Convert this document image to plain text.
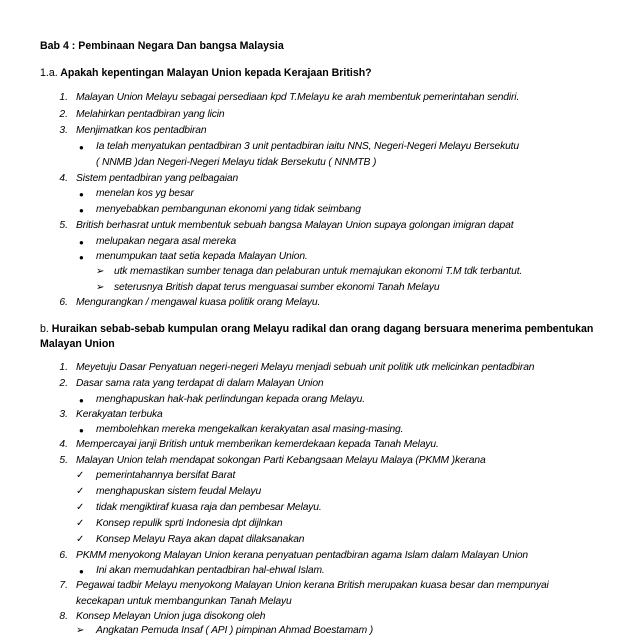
Bab 4 : Pembinaan Negara Dan bangsa Malaysia
1.a. Apakah kepentingan Malayan Union kepada Kerajaan British?
1. Malayan Union Melayu sebagai persediaan kpd T.Melayu ke arah membentuk pemerintahan sendiri.
2. Melahirkan pentadbiran yang licin
3. Menjimatkan kos pentadbiran
● Ia telah menyatukan pentadbiran 3 unit pentadbiran iaitu NNS, Negeri-Negeri Melayu Bersekutu
( NNMB )dan Negeri-Negeri Melayu tidak Bersekutu ( NNMTB )
4. Sistem pentadbiran yang pelbagaian
● menelan kos yg besar
● menyebabkan pembangunan ekonomi yang tidak seimbang
5. British berhasrat untuk membentuk sebuah bangsa Malayan Union supaya golongan imigran dapat
● melupakan negara asal mereka
● menumpukan taat setia kepada Malayan Union.
➢ utk memastikan sumber tenaga dan pelaburan untuk memajukan ekonomi T.M tdk terbantut.
➢ seterusnya British dapat terus menguasai sumber ekonomi Tanah Melayu
6. Mengurangkan / mengawal kuasa politik orang Melayu.
b. Huraikan sebab-sebab kumpulan orang Melayu radikal dan orang dagang bersuara menerima pembentukan
Malayan Union
1. Meyetuju Dasar Penyatuan negeri-negeri Melayu menjadi sebuah unit politik utk melicinkan pentadbiran
2. Dasar sama rata yang terdapat di dalam Malayan Union
● menghapuskan hak-hak perlindungan kepada orang Melayu.
3. Kerakyatan terbuka
● membolehkan mereka mengekalkan kerakyatan asal masing-masing.
4. Mempercayai janji British untuk memberikan kemerdekaan kepada Tanah Melayu.
5. Malayan Union telah mendapat sokongan Parti Kebangsaan Melayu Malaya (PKMM )kerana
✓ pemerintahannya bersifat Barat
✓ menghapuskan sistem feudal Melayu
✓ tidak mengiktiraf kuasa raja dan pembesar Melayu.
✓ Konsep repulik sprti Indonesia dpt dijlnkan
✓ Konsep Melayu Raya akan dapat dilaksanakan
6. PKMM menyokong Malayan Union kerana penyatuan pentadbiran agama Islam dalam Malayan Union
● Ini akan memudahkan pentadbiran hal-ehwal Islam.
7. Pegawai tadbir Melayu menyokong Malayan Union kerana British merupakan kuasa besar dan mempunyai
kecekapan untuk membangunkan Tanah Melayu
8. Konsep Melayan Union juga disokong oleh
➢ Angkatan Pemuda Insaf ( API ) pimpinan Ahmad Boestamam )
